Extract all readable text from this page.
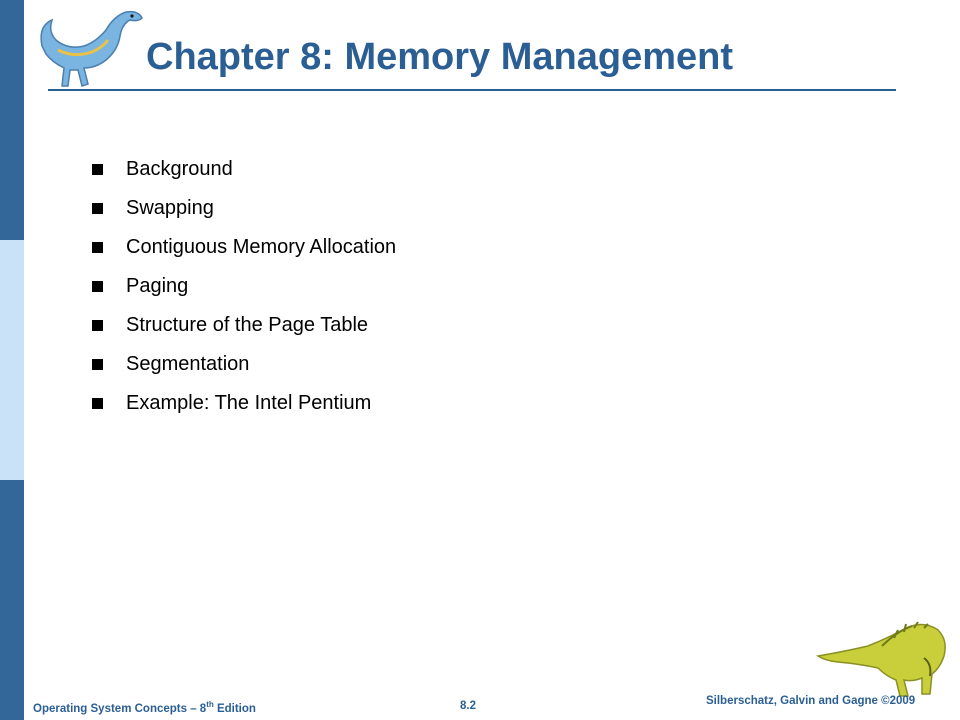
Chapter 8: Memory Management
Background
Swapping
Contiguous Memory Allocation
Paging
Structure of the Page Table
Segmentation
Example: The Intel Pentium
Operating System Concepts – 8th Edition	8.2	Silberschatz, Galvin and Gagne ©2009
